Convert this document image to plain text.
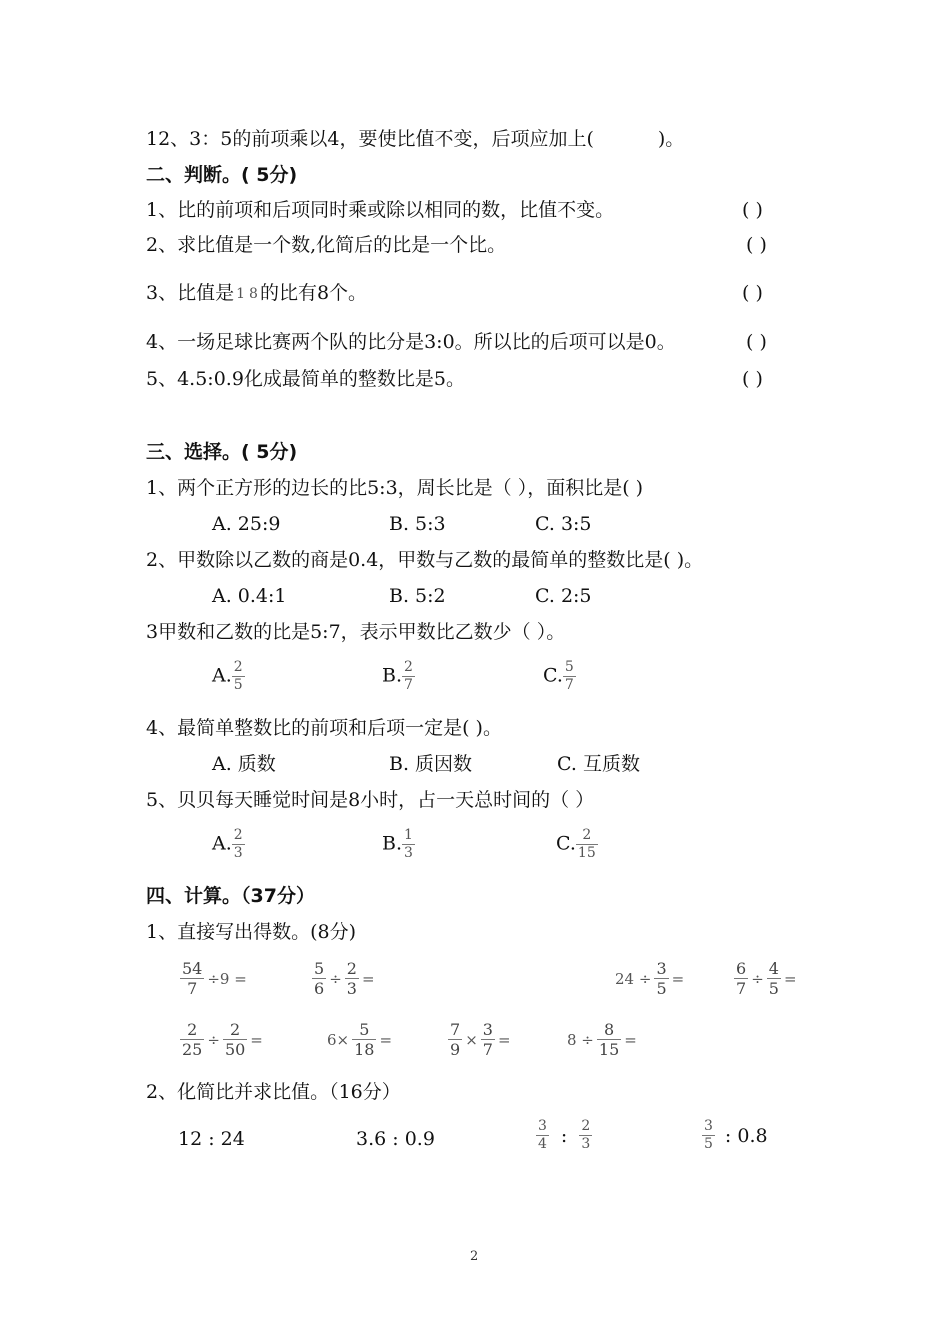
12、3：5的前项乘以4，要使比值不变，后项应加上(	)。
二、判断。( 5分)
1、比的前项和后项同时乘或除以相同的数，比值不变。	( )
2、求比值是一个数,化简后的比是一个比。	( )
3、比值是 1 8 的比有8个。	( )
4、一场足球比赛两个队的比分是3:0。所以比的后项可以是0。	( )
5、4.5:0.9化成最简单的整数比是5。	( )
三、选择。( 5分)
1、两个正方形的边长的比5:3，周长比是（ ），面积比是( )
A. 25:9	B. 5:3	C. 3:5
2、甲数除以乙数的商是0.4，甲数与乙数的最简单的整数比是( )。
A. 0.4:1	B. 5:2	C. 2:5
3甲数和乙数的比是5:7，表示甲数比乙数少（ ）。
A. $\frac{2}{5}$	B. $\frac{2}{7}$	C. $\frac{5}{7}$
4、最简单整数比的前项和后项一定是( )。
A. 质数	B. 质因数	C. 互质数
5、贝贝每天睡觉时间是8小时，占一天总时间的（ ）
A. $\frac{2}{3}$	B. $\frac{1}{3}$	C. $\frac{2}{15}$
四、计算。（37分）
1、直接写出得数。(8分)
$\frac{54}{7} \div 9$ =	$\frac{5}{6} \div \frac{2}{3}$ =	$24 \div \frac{3}{5}$ =	$\frac{6}{7} \div \frac{4}{5}$ =
$\frac{2}{25} \div \frac{2}{50}$ =	$6\times \frac{5}{18}$ =	$\frac{7}{9} \times \frac{3}{7}$ =	$8 \div \frac{8}{15}$ =
2、化简比并求比值。（16分）
12 : 24	3.6 : 0.9	$\frac{3}{4}$ : $\frac{2}{3}$	$\frac{3}{5}$ : 0.8
2
